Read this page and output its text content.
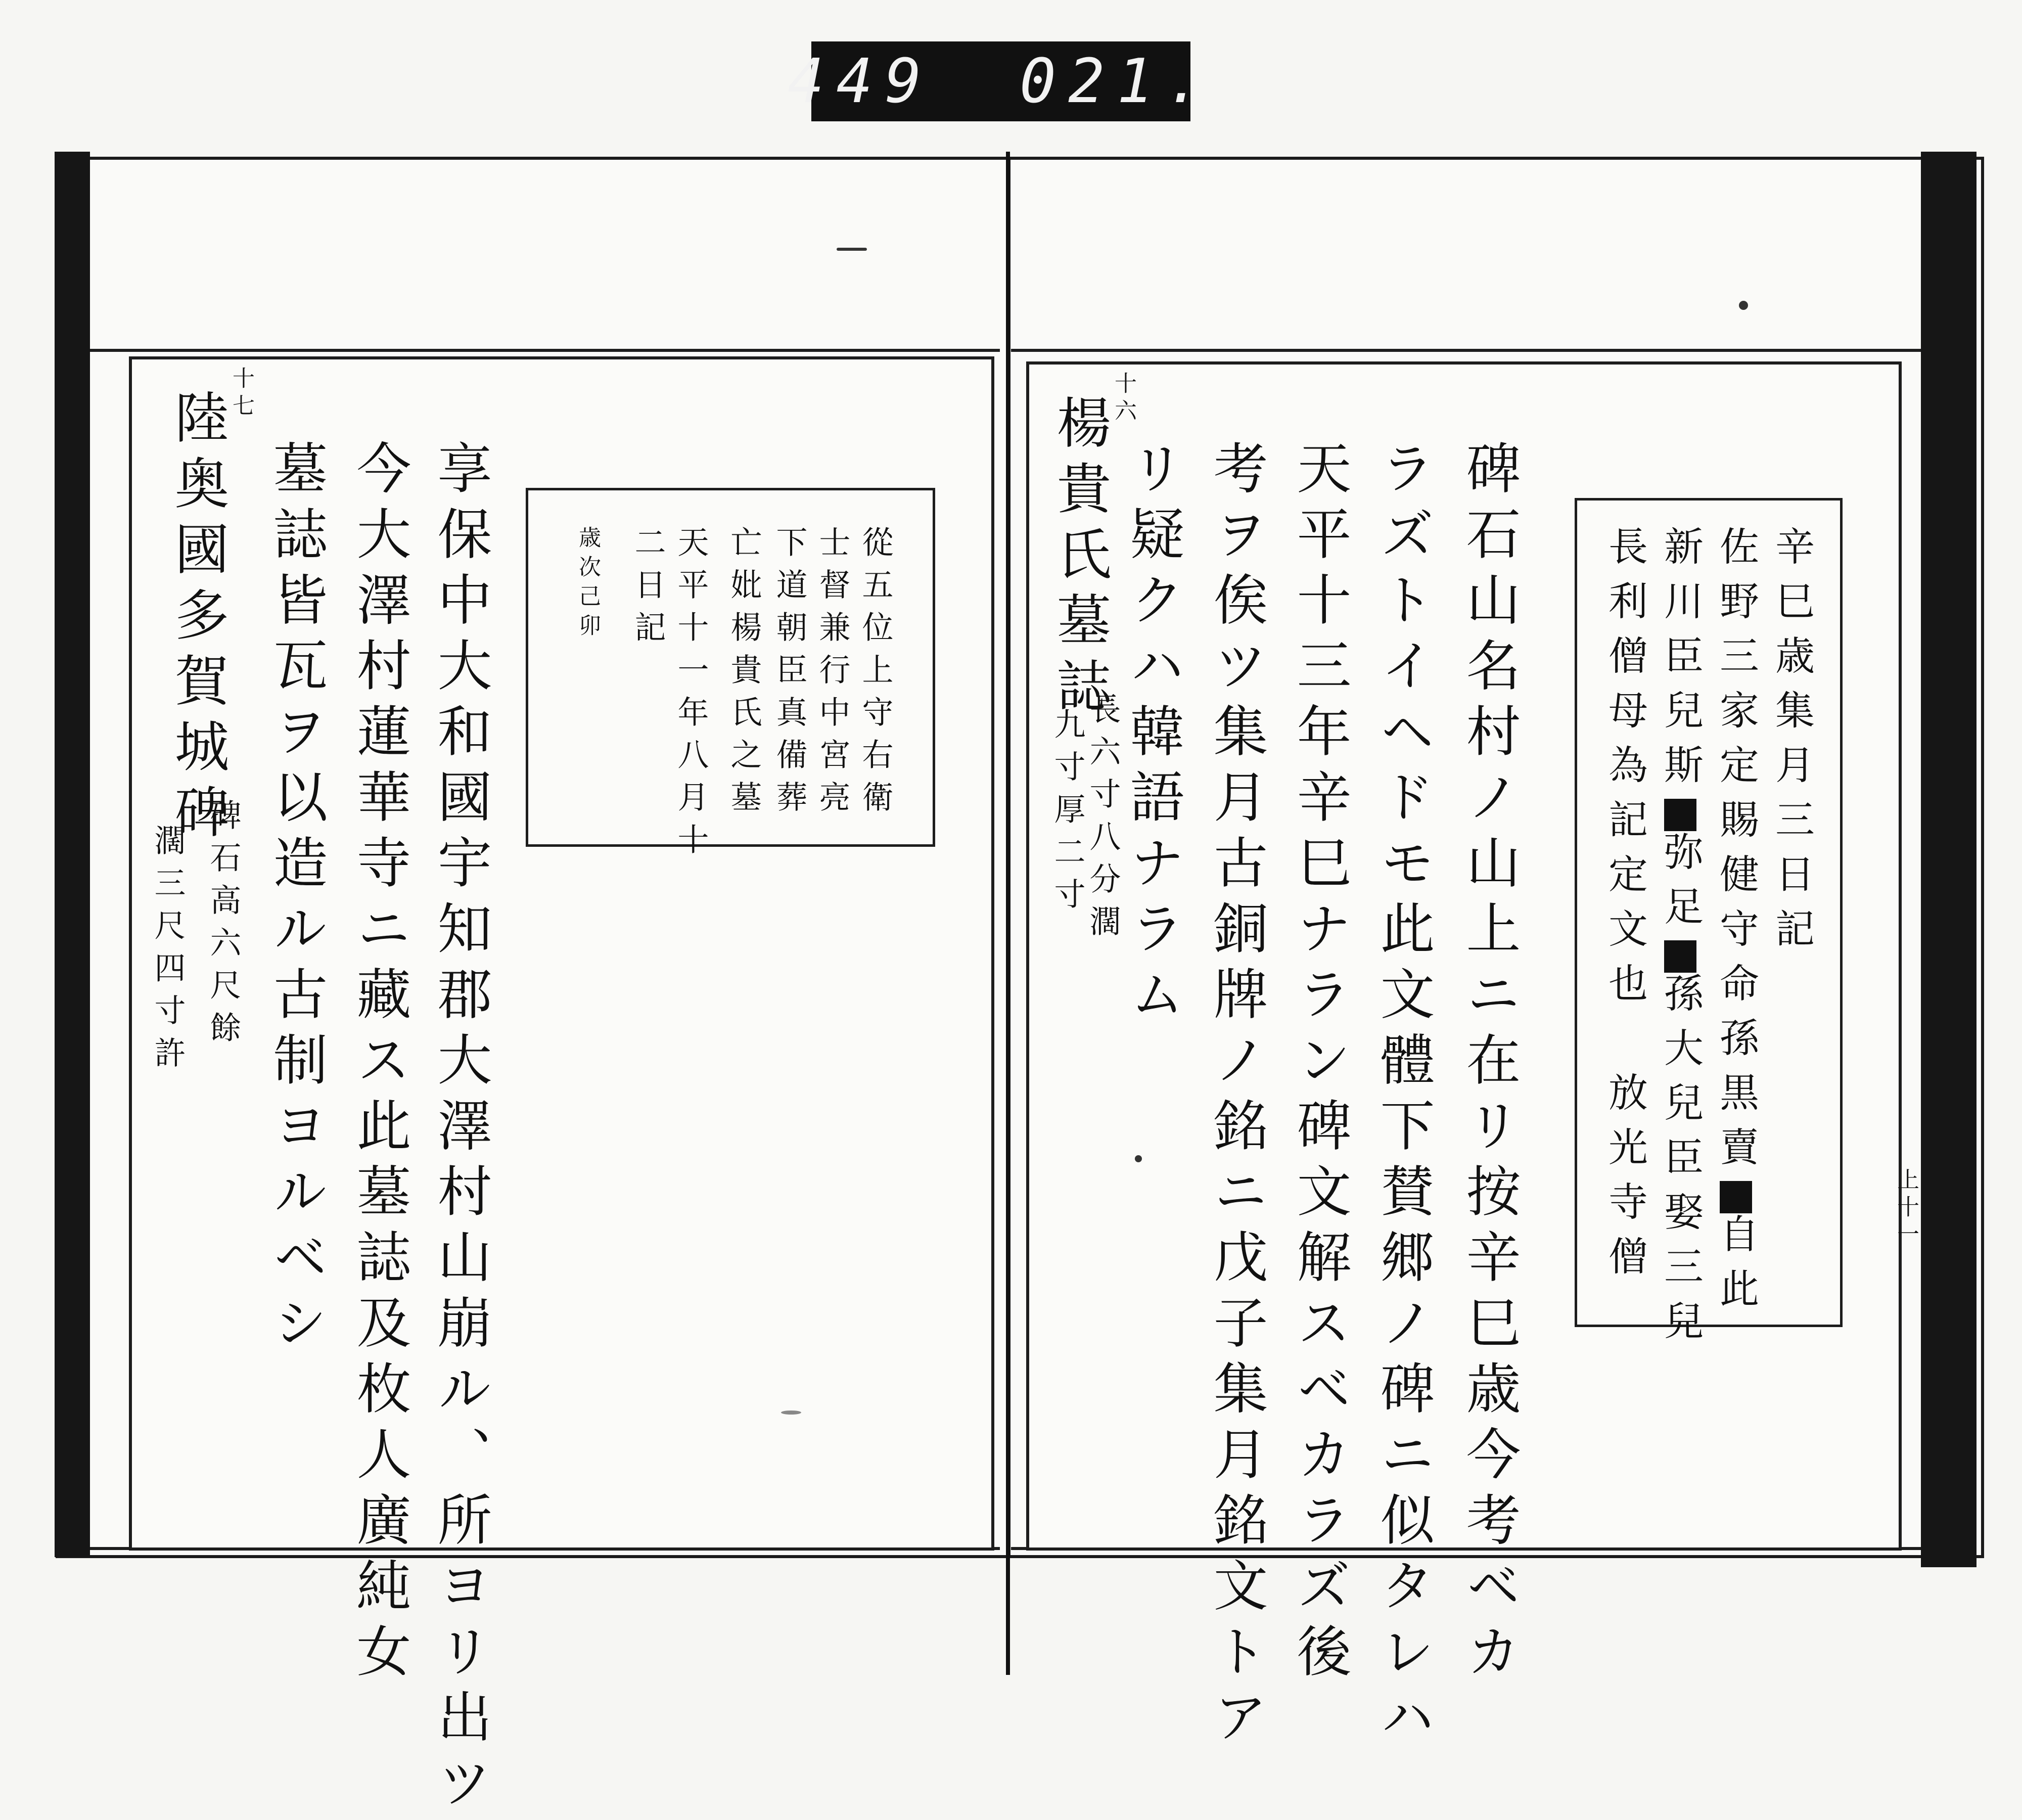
449 021.
十七
陸奥國多賀城碑
碑石高六尺餘
濶三尺四寸許	享保中大和國宇知郡大澤村山崩ル、所ヨリ出ツ
今大澤村蓮華寺ニ藏ス此墓誌及枚人廣純女
墓誌皆瓦ヲ以造ル古制ヨルベシ	從五位上守右衛
士督兼行中宮亮
下道朝臣真備葬
亡妣楊貴氏之墓
天平十一年八月十
二日記
歳次己卯
十六
楊貴氏墓誌
長六寸八分濶
九寸厚二寸	碑石山名村ノ山上ニ在リ按辛巳歳今考ベカ
ラズトイヘドモ此文體下賛郷ノ碑ニ似タレハ
天平十三年辛巳ナラン碑文解スベカラズ後
考ヲ俟ツ集月古銅牌ノ銘ニ戊子集月銘文トア
リ疑クハ韓語ナラム	辛巳歳集月三日記
佐野三家定賜健守命孫黒賣自此
新川臣兒斯弥足孫大兒臣娶三兒
長利僧母為記定文也
放光寺僧	上十一
